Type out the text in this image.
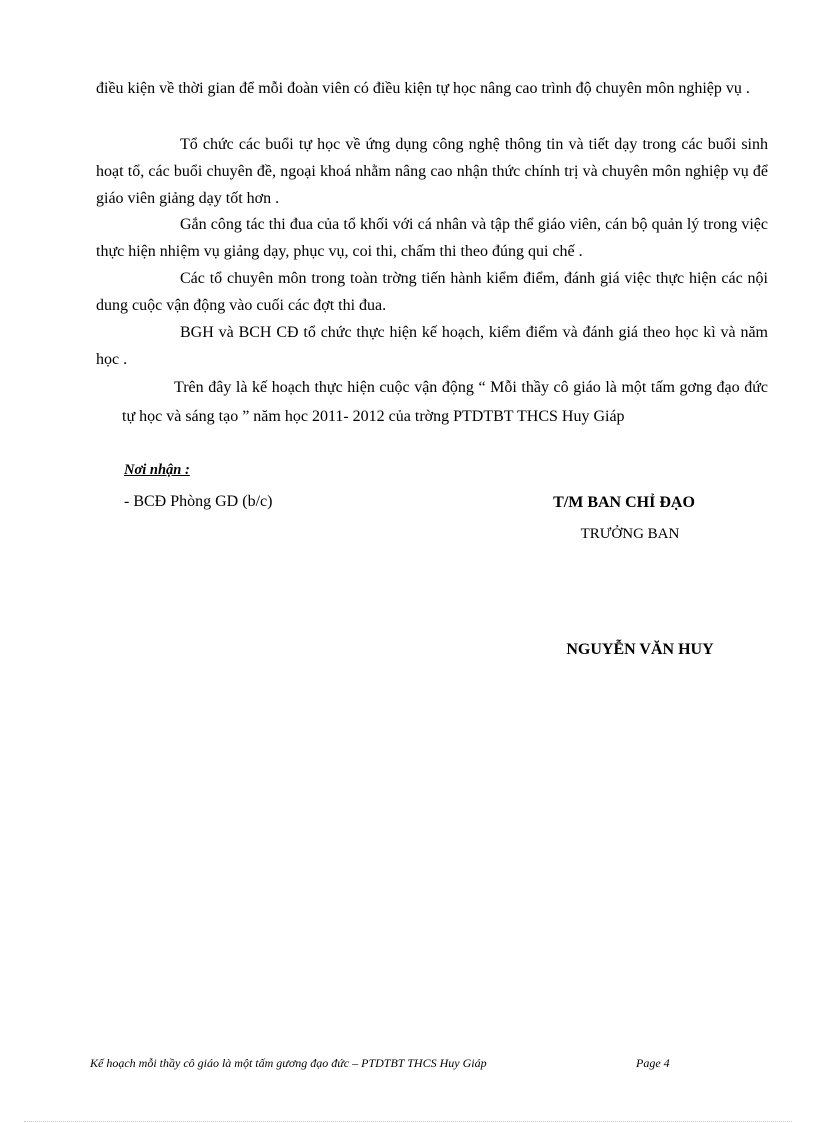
điều kiện về thời gian để mỗi đoàn viên có điều kiện tự học nâng cao trình độ chuyên môn nghiệp vụ .

Tổ chức các buổi tự học về ứng dụng công nghệ thông tin và tiết dạy trong các buổi sinh hoạt tổ, các buổi chuyên đề, ngoại khoá nhằm nâng cao nhận thức chính trị và chuyên môn nghiệp vụ để giáo viên giảng dạy tốt hơn .

Gắn công tác thi đua của tổ khối với cá nhân và tập thể giáo viên, cán bộ quản lý trong việc thực hiện nhiệm vụ giảng dạy, phục vụ, coi thi, chấm thi theo đúng qui chế .

Các tổ chuyên môn trong toàn trờng tiến hành kiểm điểm, đánh giá việc thực hiện các nội dung cuộc vận động vào cuối các đợt thi đua.

BGH và BCH CĐ tổ chức thực hiện kế hoạch, kiểm điểm và đánh giá theo học kì và năm học .

Trên đây là kế hoạch thực hiện cuộc vận động “ Mỗi thầy cô giáo là một tấm gơng đạo đức tự học và sáng tạo ” năm học 2011- 2012 của trờng PTDTBT THCS Huy Giáp

Nơi nhận :
- BCĐ Phòng GD (b/c)	T/M BAN CHỈ ĐẠO
TRƯỞNG BAN
NGUYỄN VĂN HUY
Kế hoạch mỗi thầy cô giáo là một tấm gương đạo đức – PTDTBT THCS Huy Giáp	Page 4
